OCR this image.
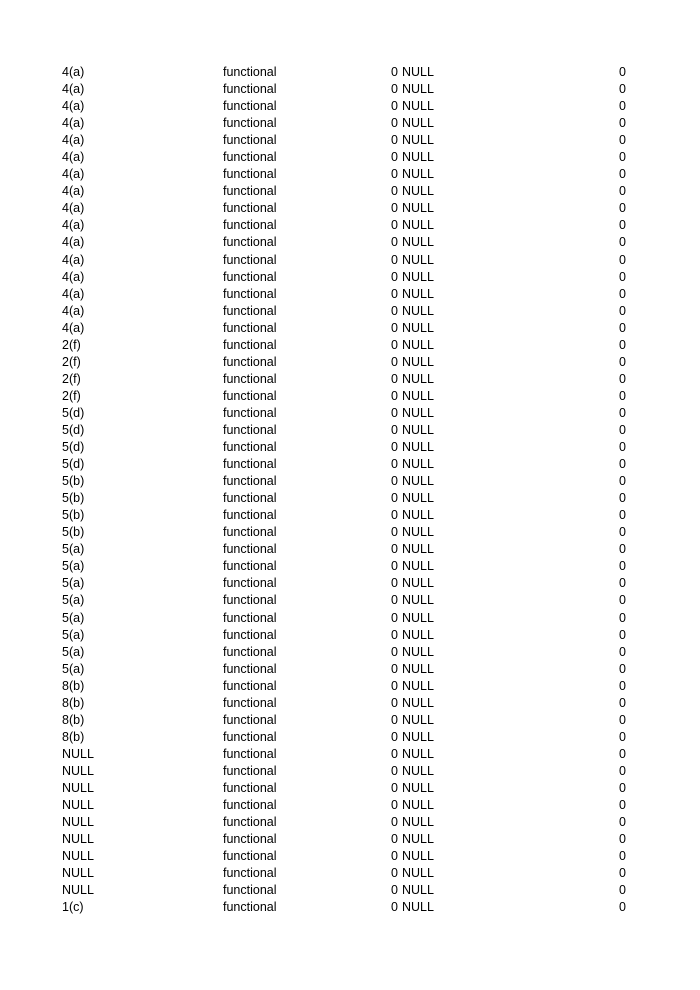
4(a)	functional	0 NULL	0
4(a)	functional	0 NULL	0
4(a)	functional	0 NULL	0
4(a)	functional	0 NULL	0
4(a)	functional	0 NULL	0
4(a)	functional	0 NULL	0
4(a)	functional	0 NULL	0
4(a)	functional	0 NULL	0
4(a)	functional	0 NULL	0
4(a)	functional	0 NULL	0
4(a)	functional	0 NULL	0
4(a)	functional	0 NULL	0
4(a)	functional	0 NULL	0
4(a)	functional	0 NULL	0
4(a)	functional	0 NULL	0
4(a)	functional	0 NULL	0
2(f)	functional	0 NULL	0
2(f)	functional	0 NULL	0
2(f)	functional	0 NULL	0
2(f)	functional	0 NULL	0
5(d)	functional	0 NULL	0
5(d)	functional	0 NULL	0
5(d)	functional	0 NULL	0
5(d)	functional	0 NULL	0
5(b)	functional	0 NULL	0
5(b)	functional	0 NULL	0
5(b)	functional	0 NULL	0
5(b)	functional	0 NULL	0
5(a)	functional	0 NULL	0
5(a)	functional	0 NULL	0
5(a)	functional	0 NULL	0
5(a)	functional	0 NULL	0
5(a)	functional	0 NULL	0
5(a)	functional	0 NULL	0
5(a)	functional	0 NULL	0
5(a)	functional	0 NULL	0
8(b)	functional	0 NULL	0
8(b)	functional	0 NULL	0
8(b)	functional	0 NULL	0
8(b)	functional	0 NULL	0
NULL	functional	0 NULL	0
NULL	functional	0 NULL	0
NULL	functional	0 NULL	0
NULL	functional	0 NULL	0
NULL	functional	0 NULL	0
NULL	functional	0 NULL	0
NULL	functional	0 NULL	0
NULL	functional	0 NULL	0
NULL	functional	0 NULL	0
1(c)	functional	0 NULL	0
